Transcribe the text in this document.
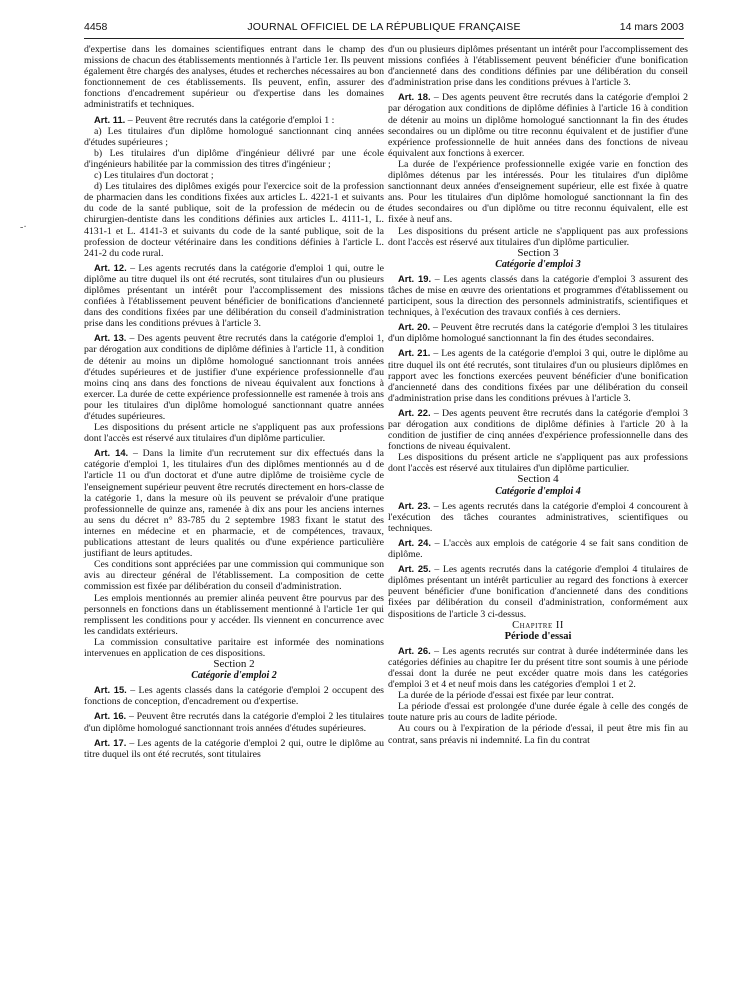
4458	JOURNAL OFFICIEL DE LA RÉPUBLIQUE FRANÇAISE	14 mars 2003
-·

d'expertise dans les domaines scientifiques entrant dans le champ des missions de chacun des établissements mentionnés à l'article 1er. Ils peuvent également être chargés des analyses, études et recherches nécessaires au bon fonctionnement de ces établissements. Ils peuvent, enfin, assurer des fonctions d'encadrement supérieur ou d'expertise dans les domaines administratifs et techniques.

Art. 11. – Peuvent être recrutés dans la catégorie d'emploi 1 :

a) Les titulaires d'un diplôme homologué sanctionnant cinq années d'études supérieures ;

b) Les titulaires d'un diplôme d'ingénieur délivré par une école d'ingénieurs habilitée par la commission des titres d'ingénieur ;

c) Les titulaires d'un doctorat ;

d) Les titulaires des diplômes exigés pour l'exercice soit de la profession de pharmacien dans les conditions fixées aux articles L. 4221-1 et suivants du code de la santé publique, soit de la profession de médecin ou de chirurgien-dentiste dans les conditions définies aux articles L. 4111-1, L. 4131-1 et L. 4141-3 et suivants du code de la santé publique, soit de la profession de docteur vétérinaire dans les conditions définies à l'article L. 241-2 du code rural.

Art. 12. – Les agents recrutés dans la catégorie d'emploi 1 qui, outre le diplôme au titre duquel ils ont été recrutés, sont titulaires d'un ou plusieurs diplômes présentant un intérêt pour l'accomplissement des missions confiées à l'établissement peuvent bénéficier de bonifications d'ancienneté dans des conditions fixées par une délibération du conseil d'administration prise dans les conditions prévues à l'article 3.

Art. 13. – Des agents peuvent être recrutés dans la catégorie d'emploi 1, par dérogation aux conditions de diplôme définies à l'article 11, à condition de détenir au moins un diplôme homologué sanctionnant trois années d'études supérieures et de justifier d'une expérience professionnelle d'au moins cinq ans dans des fonctions de niveau équivalent aux fonctions à exercer. La durée de cette expérience professionnelle est ramenée à trois ans pour les titulaires d'un diplôme homologué sanctionnant quatre années d'études supérieures.

Les dispositions du présent article ne s'appliquent pas aux professions dont l'accès est réservé aux titulaires d'un diplôme particulier.

Art. 14. – Dans la limite d'un recrutement sur dix effectués dans la catégorie d'emploi 1, les titulaires d'un des diplômes mentionnés au d de l'article 11 ou d'un doctorat et d'une autre diplôme de troisième cycle de l'enseignement supérieur peuvent être recrutés directement en hors-classe de la catégorie 1, dans la mesure où ils peuvent se prévaloir d'une pratique professionnelle de quinze ans, ramenée à dix ans pour les anciens internes au sens du décret n° 83-785 du 2 septembre 1983 fixant le statut des internes en médecine et en pharmacie, et de compétences, travaux, publications attestant de leurs qualités ou d'une expérience particulière justifiant de leurs aptitudes.

Ces conditions sont appréciées par une commission qui communique son avis au directeur général de l'établissement. La composition de cette commission est fixée par délibération du conseil d'administration.

Les emplois mentionnés au premier alinéa peuvent être pourvus par des personnels en fonctions dans un établissement mentionné à l'article 1er qui remplissent les conditions pour y accéder. Ils viennent en concurrence avec les candidats extérieurs.

La commission consultative paritaire est informée des nominations intervenues en application de ces dispositions.

Section 2

Catégorie d'emploi 2

Art. 15. – Les agents classés dans la catégorie d'emploi 2 occupent des fonctions de conception, d'encadrement ou d'expertise.

Art. 16. – Peuvent être recrutés dans la catégorie d'emploi 2 les titulaires d'un diplôme homologué sanctionnant trois années d'études supérieures.

Art. 17. – Les agents de la catégorie d'emploi 2 qui, outre le diplôme au titre duquel ils ont été recrutés, sont titulaires

d'un ou plusieurs diplômes présentant un intérêt pour l'accomplissement des missions confiées à l'établissement peuvent bénéficier d'une bonification d'ancienneté dans des conditions définies par une délibération du conseil d'administration prise dans les conditions prévues à l'article 3.

Art. 18. – Des agents peuvent être recrutés dans la catégorie d'emploi 2 par dérogation aux conditions de diplôme définies à l'article 16 à condition de détenir au moins un diplôme homologué sanctionnant la fin des études secondaires ou un diplôme ou titre reconnu équivalent et de justifier d'une expérience professionnelle de huit années dans des fonctions de niveau équivalent aux fonctions à exercer.

La durée de l'expérience professionnelle exigée varie en fonction des diplômes détenus par les intéressés. Pour les titulaires d'un diplôme sanctionnant deux années d'enseignement supérieur, elle est fixée à quatre ans. Pour les titulaires d'un diplôme homologué sanctionnant la fin des études secondaires ou d'un diplôme ou titre reconnu équivalent, elle est fixée à neuf ans.

Les dispositions du présent article ne s'appliquent pas aux professions dont l'accès est réservé aux titulaires d'un diplôme particulier.

Section 3

Catégorie d'emploi 3

Art. 19. – Les agents classés dans la catégorie d'emploi 3 assurent des tâches de mise en œuvre des orientations et programmes d'établissement ou participent, sous la direction des personnels administratifs, scientifiques et techniques, à l'exécution des travaux confiés à ces derniers.

Art. 20. – Peuvent être recrutés dans la catégorie d'emploi 3 les titulaires d'un diplôme homologué sanctionnant la fin des études secondaires.

Art. 21. – Les agents de la catégorie d'emploi 3 qui, outre le diplôme au titre duquel ils ont été recrutés, sont titulaires d'un ou plusieurs diplômes en rapport avec les fonctions exercées peuvent bénéficier d'une bonification d'ancienneté dans des conditions fixées par une délibération du conseil d'administration prise dans les conditions prévues à l'article 3.

Art. 22. – Des agents peuvent être recrutés dans la catégorie d'emploi 3 par dérogation aux conditions de diplôme définies à l'article 20 à la condition de justifier de cinq années d'expérience professionnelle dans des fonctions de niveau équivalent.

Les dispositions du présent article ne s'appliquent pas aux professions dont l'accès est réservé aux titulaires d'un diplôme particulier.

Section 4

Catégorie d'emploi 4

Art. 23. – Les agents recrutés dans la catégorie d'emploi 4 concourent à l'exécution des tâches courantes administratives, scientifiques ou techniques.

Art. 24. – L'accès aux emplois de catégorie 4 se fait sans condition de diplôme.

Art. 25. – Les agents recrutés dans la catégorie d'emploi 4 titulaires de diplômes présentant un intérêt particulier au regard des fonctions à exercer peuvent bénéficier d'une bonification d'ancienneté dans des conditions fixées par délibération du conseil d'administration, conformément aux dispositions de l'article 3 ci-dessus.

Chapitre II

Période d'essai

Art. 26. – Les agents recrutés sur contrat à durée indéterminée dans les catégories définies au chapitre Ier du présent titre sont soumis à une période d'essai dont la durée ne peut excéder quatre mois dans les catégories d'emploi 3 et 4 et neuf mois dans les catégories d'emploi 1 et 2.

La durée de la période d'essai est fixée par leur contrat.

La période d'essai est prolongée d'une durée égale à celle des congés de toute nature pris au cours de ladite période.

Au cours ou à l'expiration de la période d'essai, il peut être mis fin au contrat, sans préavis ni indemnité. La fin du contrat
